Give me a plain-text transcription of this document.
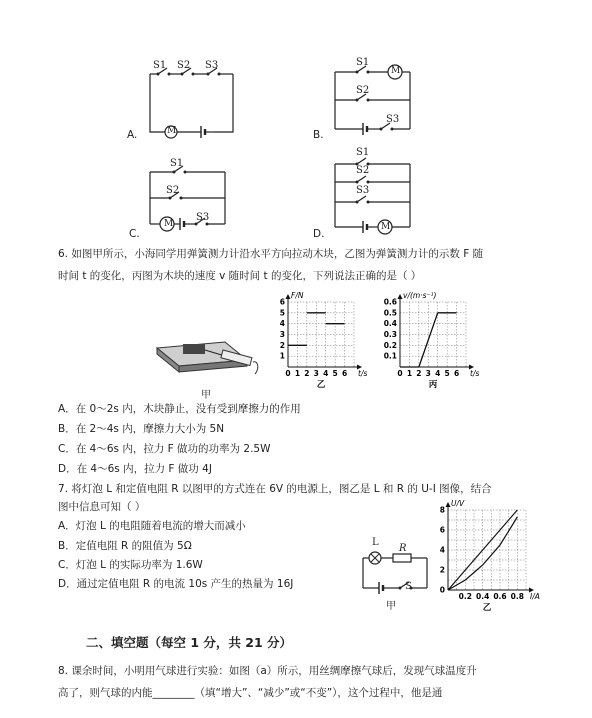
S1 S2 S3
M
A.
S1
M
S2
S3
B.
S1
S2
M
S3
C.
S1
S2
S3
M
D.
6. 如图甲所示，小海同学用弹簧测力计沿水平方向拉动木块，乙图为弹簧测力计的示数 F 随
时间 t 的变化，丙图为木块的速度 v 随时间 t 的变化，下列说法正确的是（ ）
甲
0 1 2 3 4 5 6
1
2
3
4
5
6
F/N
t/s
乙
0 1 2 3 4 5 6
0.1
0.2
0.3
0.4
0.5
0.6
v/(m·s⁻¹)
t/s
丙
A．在 0～2s 内，木块静止，没有受到摩擦力的作用
B．在 2～4s 内，摩擦力大小为 5N
C．在 4～6s 内，拉力 F 做功的功率为 2.5W
D．在 4～6s 内，拉力 F 做功 4J
7. 将灯泡 L 和定值电阻 R 以图甲的方式连在 6V 的电源上，图乙是 L 和 R 的 U-I 图像，结合
图中信息可知（ ）
A．灯泡 L 的电阻随着电流的增大而减小
B．定值电阻 R 的阻值为 5Ω
C．灯泡 L 的实际功率为 1.6W
D．通过定值电阻 R 的电流 10s 产生的热量为 16J
L
R
S
甲
0.2 0.4 0.6 0.8
0
2
4
6
8
U/V
I/A
乙
二、填空题（每空 1 分，共 21 分）
8. 课余时间，小明用气球进行实验：如图（a）所示，用丝绸摩擦气球后，发现气球温度升
高了，则气球的内能________（填“增大”、“减少”或“不变”），这个过程中，他是通
